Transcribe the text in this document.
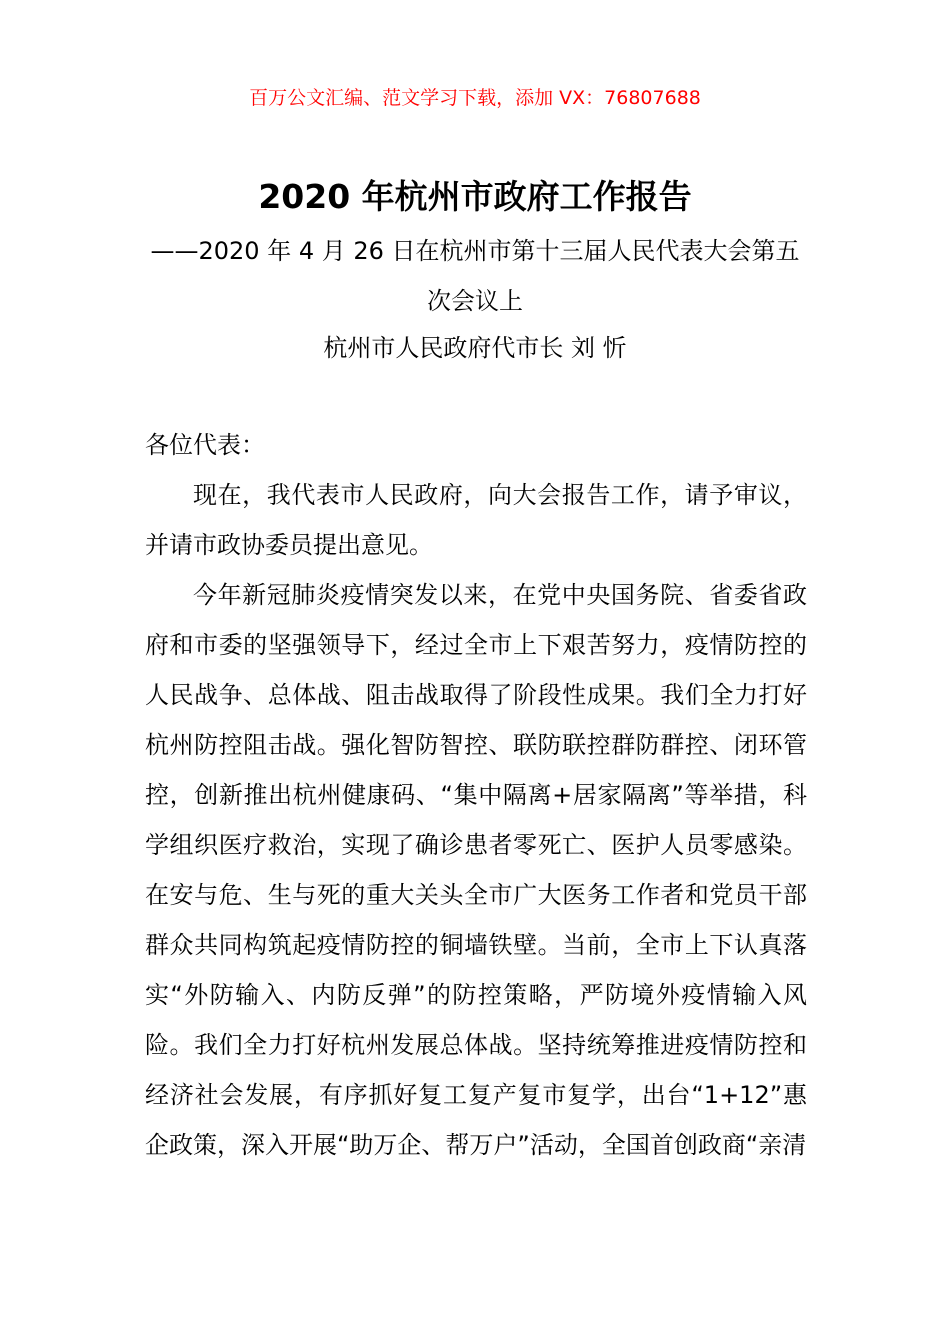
百万公文汇编、范文学习下载，添加 VX：76807688
2020 年杭州市政府工作报告
——2020 年 4 月 26 日在杭州市第十三届人民代表大会第五次会议上
杭州市人民政府代市长 刘 忻

各位代表：

现在，我代表市人民政府，向大会报告工作，请予审议，并请市政协委员提出意见。

今年新冠肺炎疫情突发以来，在党中央国务院、省委省政府和市委的坚强领导下，经过全市上下艰苦努力，疫情防控的人民战争、总体战、阻击战取得了阶段性成果。我们全力打好杭州防控阻击战。强化智防智控、联防联控群防群控、闭环管控，创新推出杭州健康码、“集中隔离+居家隔离”等举措，科学组织医疗救治，实现了确诊患者零死亡、医护人员零感染。在安与危、生与死的重大关头全市广大医务工作者和党员干部群众共同构筑起疫情防控的铜墙铁壁。当前，全市上下认真落实“外防输入、内防反弹”的防控策略，严防境外疫情输入风险。我们全力打好杭州发展总体战。坚持统筹推进疫情防控和经济社会发展，有序抓好复工复产复市复学，出台“1+12”惠企政策，深入开展“助万企、帮万户”活动，全国首创政商“亲清
